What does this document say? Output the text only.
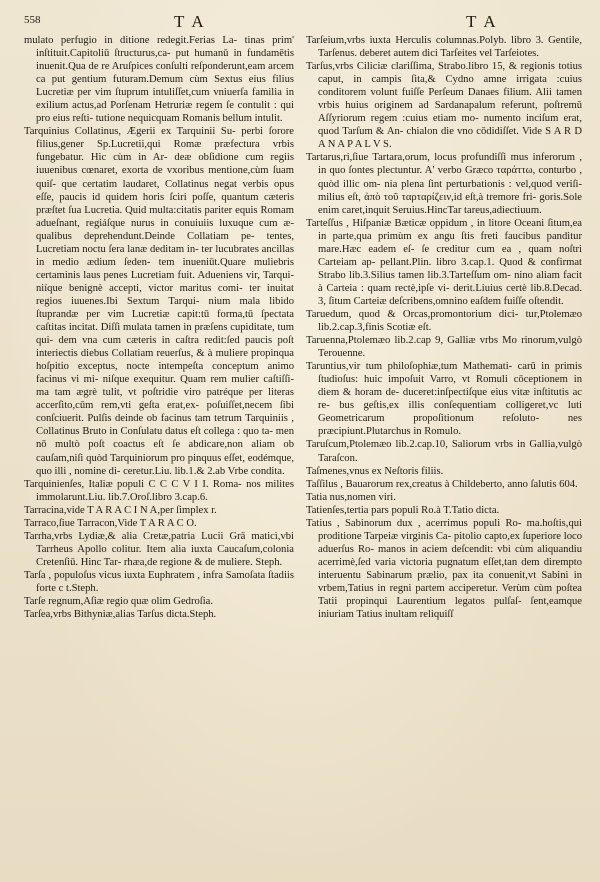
558	T A	T A

mulato perfugio in ditione redegit.Ferias La‑ tinas prim' inſtituit.Capitoliū ſtructurus,ca‑ put humanū in fundamētis inuenit.Qua de re Aruſpices conſulti reſponderunt,eam arcem ca put gentium futuram.Demum cùm Sextus eius filius Lucretiæ per vim ſtuprum intuliſſet,cum vniuerſa familia in exilium actus,ad Porſenam Hetruriæ regem ſe contulit : qui pro eius reſti‑ tutione nequicquam Romanis bellum intulit.

Tarquinius Collatinus, Ægerii ex Tarquinii Su‑ perbi ſorore filius,gener Sp.Lucretii,qui Romæ præfectura vrbis fungebatur. Hic cùm in Ar‑ deæ obſidione cum regiis iuuenibus cœnaret, exorta de vxoribus mentione,cùm ſuam quiſ‑ que certatim laudaret, Collatinus negat verbis opus eſſe, paucis id quidem horis ſciri poſſe, quantum cæteris præſtet ſua Lucretia. Quid multa:citatis pariter equis Romam adueſnant, regiáſque nurus in conuiuiis luxuque cum æ‑ qualibus deprehendunt.Deinde Collatiam pe‑ tentes, Lucretiam noctu ſera lanæ deditam in‑ ter lucubrates ancillas in medio ædium ſeden‑ tem inueniūt.Quare muliebris certaminis laus penes Lucretiam fuit. Adueniens vir, Tarqui‑ niíque benignè accepti, victor maritus comi‑ ter inuitat regios iuuenes.Ibi Sextum Tarqui‑ nium mala libido ſtuprandæ per vim Lucretiæ capit:tū forma,tū ſpectata caſtitas incitat. Diſſi mulata tamen in præſens cupiditate, tum qui‑ dem vna cum cæteris in caſtra redit:ſed paucis poſt interiectis diebus Collatiam reuerſus, & à muliere propinqua hoſpitio exceptus, nocte intempeſta conceptum animo facinus vi mi‑ niſque exequitur. Quam rem mulier caſtiſſi‑ ma tam ægrè tulit, vt poſtridie viro patréque per literas accerſito,cūm rem,vti geſta erat,ex‑ poſuiſſet,necem ſibi conſciuerit. Pulſis deinde ob facinus tam tetrum Tarquiniis , Collatinus Bruto in Conſulatu datus eſt collega : quo ta‑ men nō multò poſt coactus eſt ſe abdicare,non aliam ob cauſam,niſi quòd Tarquiniorum pro pinquus eſſet, eodémque, quo illi , nomine di‑ ceretur.Liu. lib.1.& 2.ab Vrbe condita.

Tarquinienſes, Italiæ populi C C C V I I. Roma‑ nos milites immolarunt.Liu. lib.7.Oroſ.libro 3.cap.6.

Tarracina,vide T A R A C I N A,per ſimplex r.

Tarraco,ſiue Tarracon,Vide T A R A C O.

Tarrha,vrbs Lydiæ,& alia Cretæ,patria Lucii Grā maticì,vbi Tarrheus Apollo colitur. Item alia iuxta Caucaſum,colonia Cretenſiū. Hinc Tar‑ rhæa,de regione & de muliere. Steph.

Tarſa , populoſus vicus iuxta Euphratem , infra Samoſata ſtadiis forte c t.Steph.

Tarſe regnum,Aſiæ regio quæ olim Gedroſia.

Tarſea,vrbs Bithyniæ,alias Tarſus dicta.Steph.

Tarſeium,vrbs iuxta Herculis columnas.Polyb. libro 3. Gentile, Tarſenus. deberet autem dici Tarſeites vel Tarſeiotes.

Tarſus,vrbs Ciliciæ clariſſima, Strabo.libro 15, & regionis totius caput, in campis ſita,& Cydno amne irrigata :cuius conditorem volunt fuiſſe Perſeum Danaes filium. Alii tamen vrbis huius originem ad Sardanapalum referunt, poſtremū Aſſyriorum regem :cuius etiam mo‑ numento inciſum erat, quod Tarſum & An‑ chialon die vno cōdidiſſet. Vide S A R D A N A P A L V S.

Tartarus,ri,ſiue Tartara,orum, locus profundiſſi mus inferorum , in quo ſontes plectuntur. A' verbo Græco ταράττω, conturbo , quòd illic om‑ nia plena ſint perturbationis : vel,quod veriſi‑ milius eſt, ἀπὸ τοῦ ταρταρίζειν,id eſt,à tremore fri‑ goris.Sole enim caret,inquit Seruius.HincTar tareus,adiectiuum.

Tarteſſus , Hiſpaniæ Bæticæ oppidum , in litore Oceani ſitum,ea in parte,qua primùm ex angu ſtis freti faucibus panditur mare.Hæc eadem eſ‑ ſe creditur cum ea , quam noſtri Carteiam ap‑ pellant.Plin. libro 3.cap.1. Quod & confirmat Strabo lib.3.Silius tamen lib.3.Tarteſſum om‑ nino aliam facit à Carteia : quam rectè,ipſe vi‑ derit.Liuius certè lib.8.Decad. 3, ſitum Carteiæ deſcribens,omnino eaſdem fuiſſe oſtendit.

Taruedum, quod & Orcas,promontorium dici‑ tur,Ptolemæo lib.2.cap.3,finis Scotiæ eſt.

Taruenna,Ptolemæo lib.2.cap 9, Galliæ vrbs Mo rinorum,vulgò Terouenne.

Taruntius,vir tum philoſophiæ,tum Mathemati‑ carū in primis ſtudioſus: huic impoſuit Varro, vt Romuli cōceptionem in diem & horam de‑ duceret:inſpectiſque eius vitæ inſtitutis ac re‑ bus geſtis,ex illis conſequentiam colligeret,vc luti Geometricarum propoſitionum reſoluto‑ nes præcipiunt.Plutarchus in Romulo.

Taruſcum,Ptolemæo lib.2.cap.10, Saliorum vrbs in Gallia,vulgò Taraſcon.

Taſmenes,vnus ex Neſtoris filiis.

Taſſilus , Bauarorum rex,creatus à Childeberto, anno ſalutis 604.

Tatia nus,nomen viri.

Tatienſes,tertia pars populi Ro.à T.Tatio dicta.

Tatius , Sabinorum dux , acerrimus populi Ro‑ ma.hoſtis,qui proditione Tarpeiæ virginis Ca‑ pitolio capto,ex ſuperiore loco aduerſus Ro‑ manos in aciem deſcendit: vbi cùm aliquandiu acerrimè,ſed varia victoria pugnatum eſſet,tan dem dirempto interuentu Sabinarum prælio, pax ita conuenit,vt Sabini in vrbem,Tatius in regni partem acciperetur. Verùm cùm poſtea Tatii propinqui Laurentium legatos pulſaſ‑ ſent,eamque iniuriam Tatius inultam reliquiſſ
